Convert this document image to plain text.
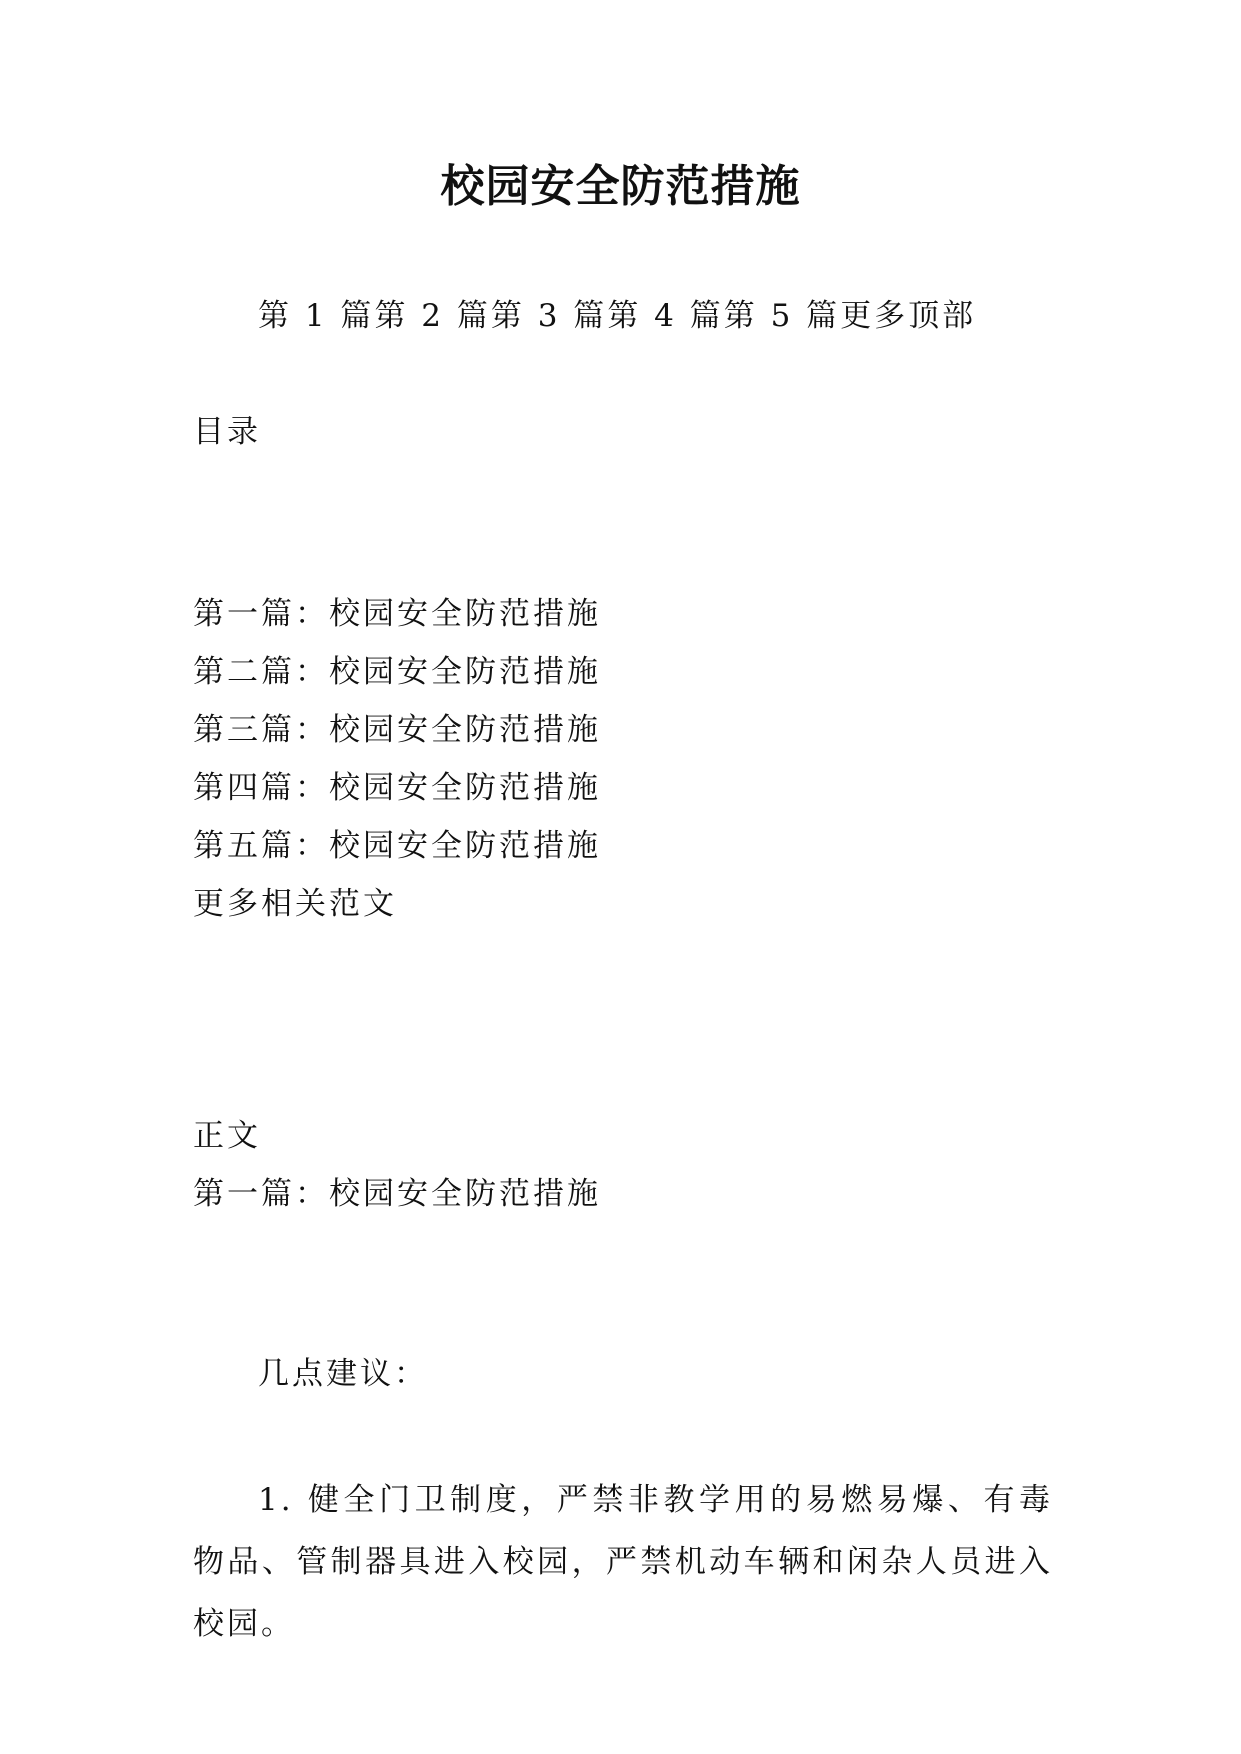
校园安全防范措施
第 1 篇第 2 篇第 3 篇第 4 篇第 5 篇更多顶部
目录
第一篇：校园安全防范措施
第二篇：校园安全防范措施
第三篇：校园安全防范措施
第四篇：校园安全防范措施
第五篇：校园安全防范措施
更多相关范文
正文
第一篇：校园安全防范措施
几点建议：
1. 健全门卫制度，严禁非教学用的易燃易爆、有毒物品、管制器具进入校园，严禁机动车辆和闲杂人员进入校园。
